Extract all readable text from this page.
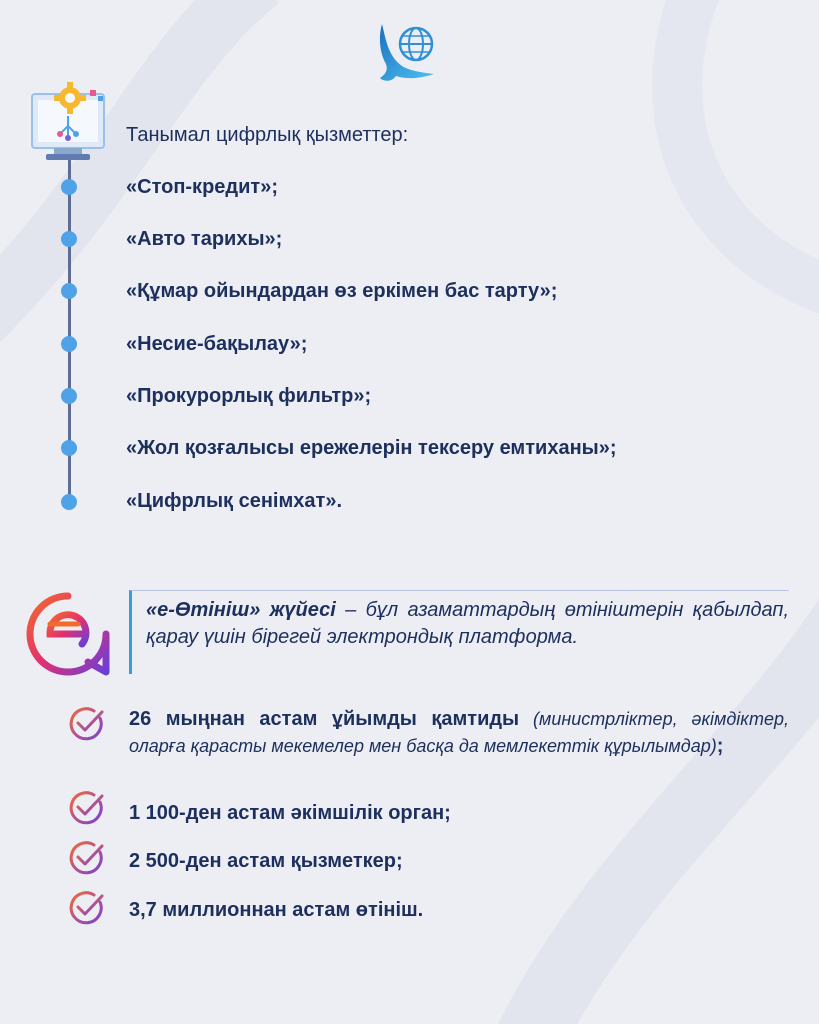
Танымал цифрлық қызметтер:
«Стоп-кредит»;
«Авто тарихы»;
«Құмар ойындардан өз еркімен бас тарту»;
«Несие-бақылау»;
«Прокурорлық фильтр»;
«Жол қозғалысы ережелерін тексеру емтиханы»;
«Цифрлық сенімхат».
«е-Өтініш» жүйесі – бұл азаматтардың өтініштерін қабылдап, қарау үшін бірегей электрондық платформа.
26 мыңнан астам ұйымды қамтиды (министрліктер, әкімдіктер, оларға қарасты мекемелер мен басқа да мемлекеттік құрылымдар);
1 100-ден астам әкімшілік орган;
2 500-ден астам қызметкер;
3,7 миллионнан астам өтініш.
